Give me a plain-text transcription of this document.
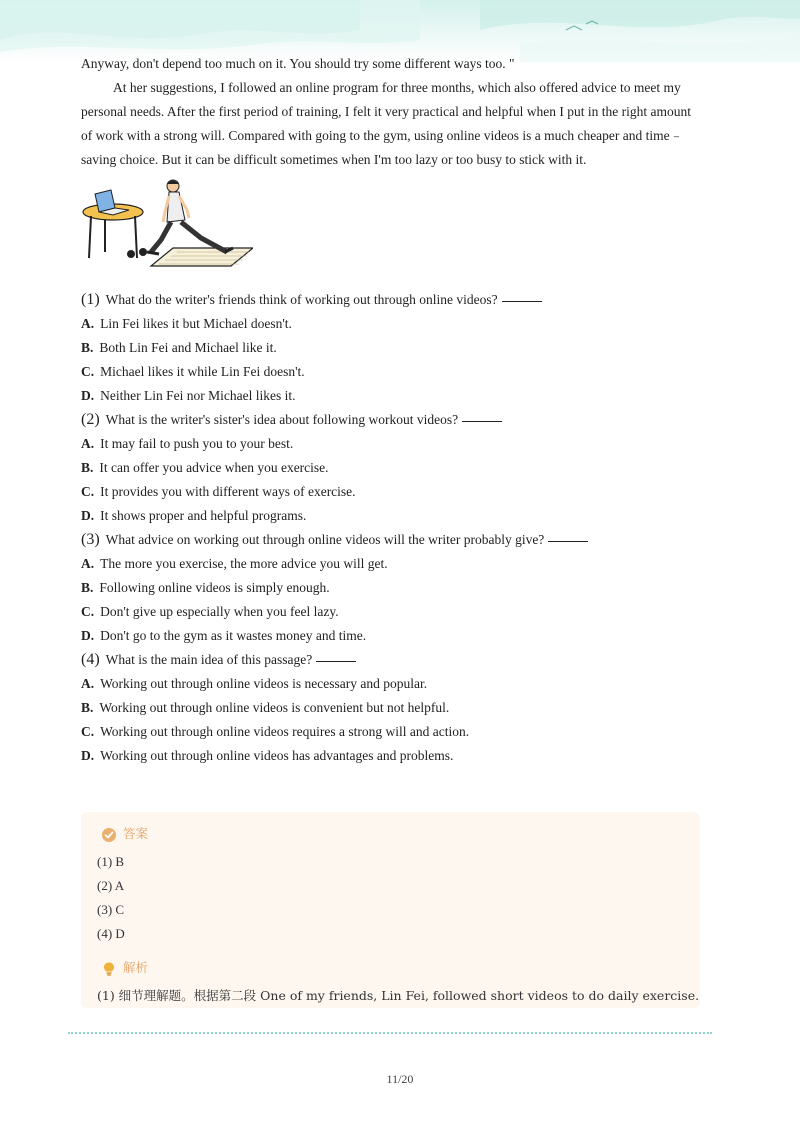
Anyway, don't depend too much on it. You should try some different ways too. "

At her suggestions, I followed an online program for three months, which also offered advice to meet my personal needs. After the first period of training, I felt it very practical and helpful when I put in the right amount of work with a strong will. Compared with going to the gym, using online videos is a much cheaper and time﹣saving choice. But it can be difficult sometimes when I'm too lazy or too busy to stick with it.

(1) What do the writer's friends think of working out through online videos?
A. Lin Fei likes it but Michael doesn't.
B. Both Lin Fei and Michael like it.
C. Michael likes it while Lin Fei doesn't.
D. Neither Lin Fei nor Michael likes it.
(2) What is the writer's sister's idea about following workout videos?
A. It may fail to push you to your best.
B. It can offer you advice when you exercise.
C. It provides you with different ways of exercise.
D. It shows proper and helpful programs.
(3) What advice on working out through online videos will the writer probably give?
A. The more you exercise, the more advice you will get.
B. Following online videos is simply enough.
C. Don't give up especially when you feel lazy.
D. Don't go to the gym as it wastes money and time.
(4) What is the main idea of this passage?
A. Working out through online videos is necessary and popular.
B. Working out through online videos is convenient but not helpful.
C. Working out through online videos requires a strong will and action.
D. Working out through online videos has advantages and problems.
答案
(1) B
(2) A
(3) C
(4) D
解析
(1) 细节理解题。根据第二段 One of my friends, Lin Fei, followed short videos to do daily exercise.
11/20
